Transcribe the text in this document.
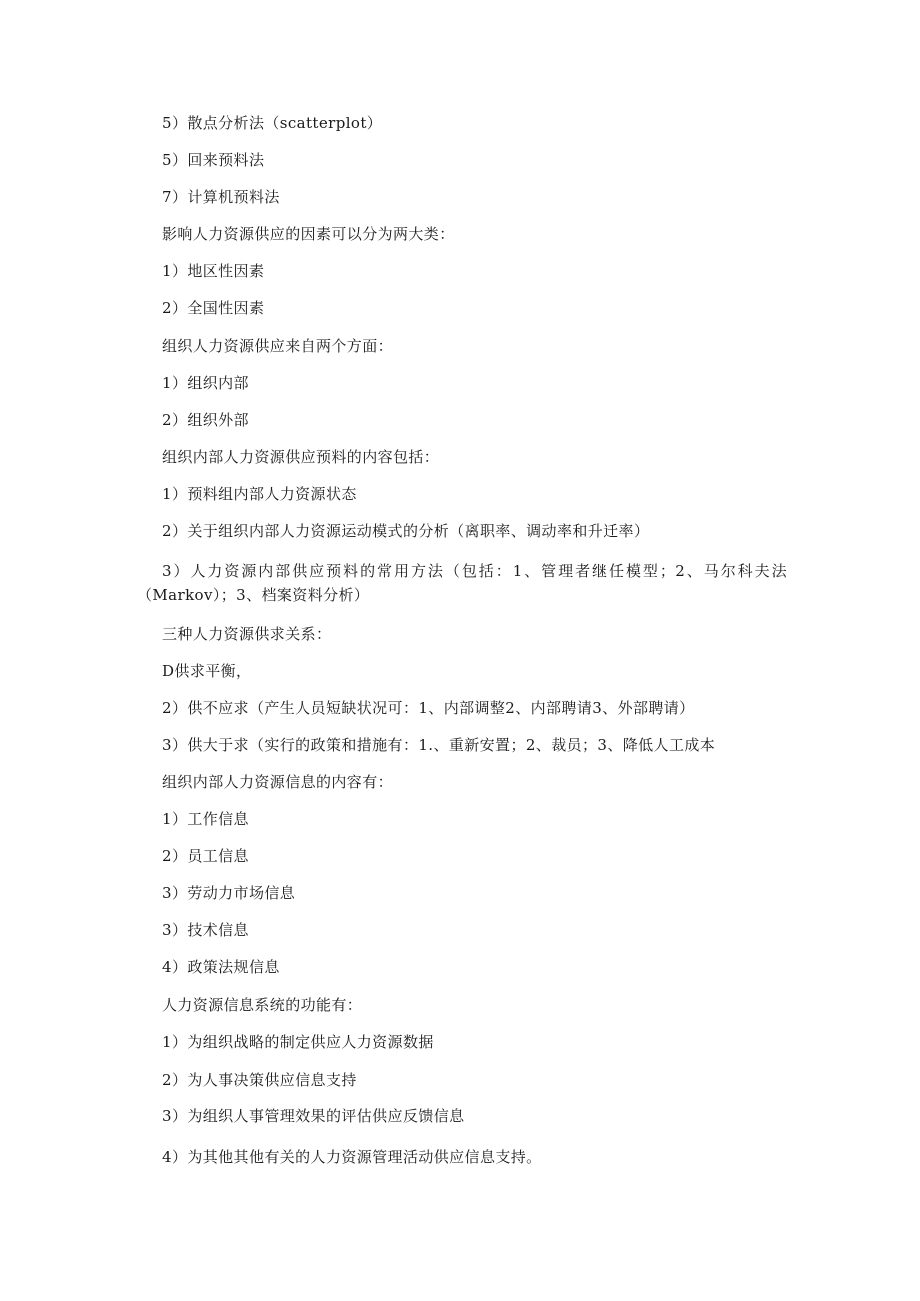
5）散点分析法（scatterplot）
5）回来预料法
7）计算机预料法
影响人力资源供应的因素可以分为两大类：
1）地区性因素
2）全国性因素
组织人力资源供应来自两个方面：
1）组织内部
2）组织外部
组织内部人力资源供应预料的内容包括：
1）预料组内部人力资源状态
2）关于组织内部人力资源运动模式的分析（离职率、调动率和升迁率）
3）人力资源内部供应预料的常用方法（包括：1、管理者继任模型；2、马尔科夫法（Markov）；3、档案资料分析）
三种人力资源供求关系：
D供求平衡，
2）供不应求（产生人员短缺状况可：1、内部调整2、内部聘请3、外部聘请）
3）供大于求（实行的政策和措施有：1.、重新安置；2、裁员；3、降低人工成本
组织内部人力资源信息的内容有：
1）工作信息
2）员工信息
3）劳动力市场信息
3）技术信息
4）政策法规信息
人力资源信息系统的功能有：
1）为组织战略的制定供应人力资源数据
2）为人事决策供应信息支持
3）为组织人事管理效果的评估供应反馈信息
4）为其他其他有关的人力资源管理活动供应信息支持。
